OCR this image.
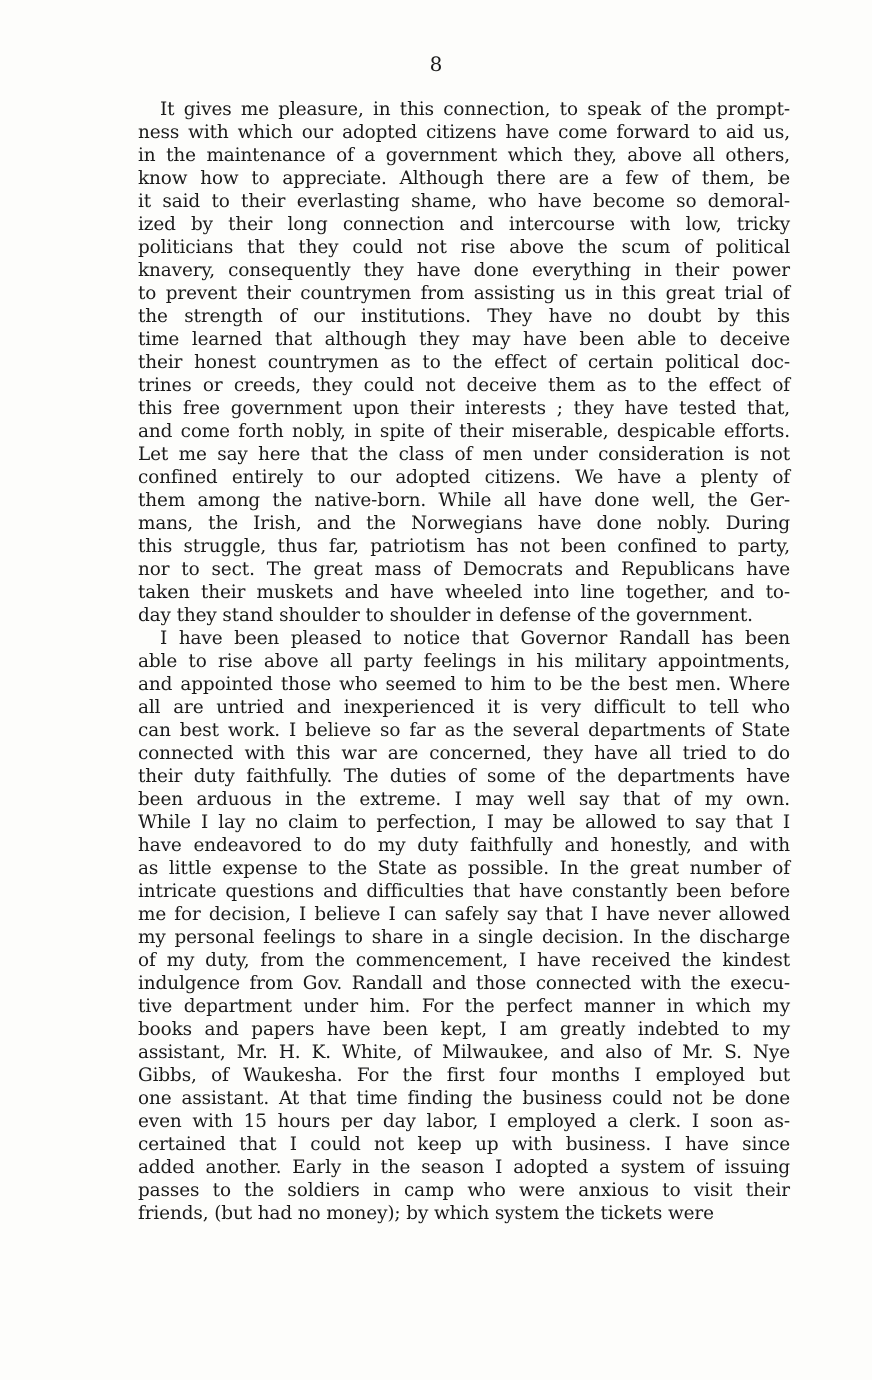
8
It gives me pleasure, in this connection, to speak of the prompt-
ness with which our adopted citizens have come forward to aid us,
in the maintenance of a government which they, above all others,
know how to appreciate. Although there are a few of them, be
it said to their everlasting shame, who have become so demoral-
ized by their long connection and intercourse with low, tricky
politicians that they could not rise above the scum of political
knavery, consequently they have done everything in their power
to prevent their countrymen from assisting us in this great trial of
the strength of our institutions. They have no doubt by this
time learned that although they may have been able to deceive
their honest countrymen as to the effect of certain political doc-
trines or creeds, they could not deceive them as to the effect of
this free government upon their interests ; they have tested that,
and come forth nobly, in spite of their miserable, despicable efforts.
Let me say here that the class of men under consideration is not
confined entirely to our adopted citizens. We have a plenty of
them among the native-born. While all have done well, the Ger-
mans, the Irish, and the Norwegians have done nobly. During
this struggle, thus far, patriotism has not been confined to party,
nor to sect. The great mass of Democrats and Republicans have
taken their muskets and have wheeled into line together, and to-
day they stand shoulder to shoulder in defense of the government.
I have been pleased to notice that Governor Randall has been
able to rise above all party feelings in his military appointments,
and appointed those who seemed to him to be the best men. Where
all are untried and inexperienced it is very difficult to tell who
can best work. I believe so far as the several departments of State
connected with this war are concerned, they have all tried to do
their duty faithfully. The duties of some of the departments have
been arduous in the extreme. I may well say that of my own.
While I lay no claim to perfection, I may be allowed to say that I
have endeavored to do my duty faithfully and honestly, and with
as little expense to the State as possible. In the great number of
intricate questions and difficulties that have constantly been before
me for decision, I believe I can safely say that I have never allowed
my personal feelings to share in a single decision. In the discharge
of my duty, from the commencement, I have received the kindest
indulgence from Gov. Randall and those connected with the execu-
tive department under him. For the perfect manner in which my
books and papers have been kept, I am greatly indebted to my
assistant, Mr. H. K. White, of Milwaukee, and also of Mr. S. Nye
Gibbs, of Waukesha. For the first four months I employed but
one assistant. At that time finding the business could not be done
even with 15 hours per day labor, I employed a clerk. I soon as-
certained that I could not keep up with business. I have since
added another. Early in the season I adopted a system of issuing
passes to the soldiers in camp who were anxious to visit their
friends, (but had no money); by which system the tickets were
